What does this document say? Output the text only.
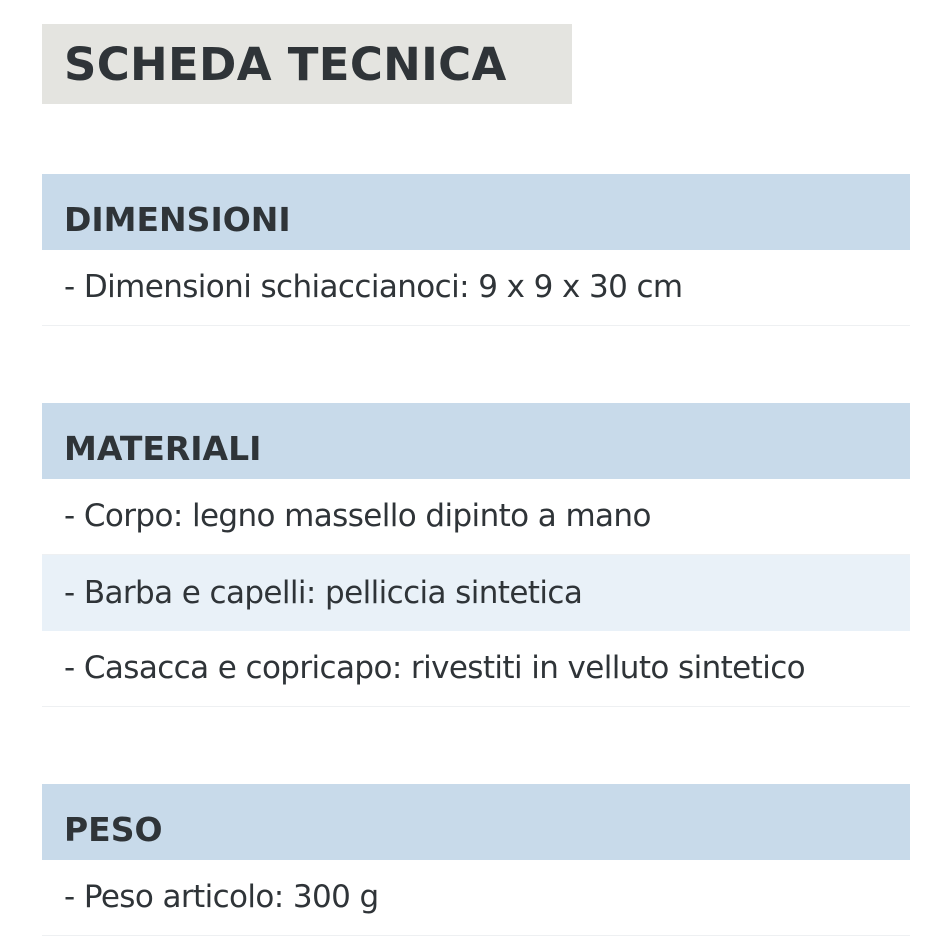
SCHEDA TECNICA
DIMENSIONI
- Dimensioni schiaccianoci: 9 x 9 x 30 cm
MATERIALI
- Corpo: legno massello dipinto a mano
- Barba e capelli: pelliccia sintetica
- Casacca e copricapo: rivestiti in velluto sintetico
PESO
- Peso articolo: 300 g
